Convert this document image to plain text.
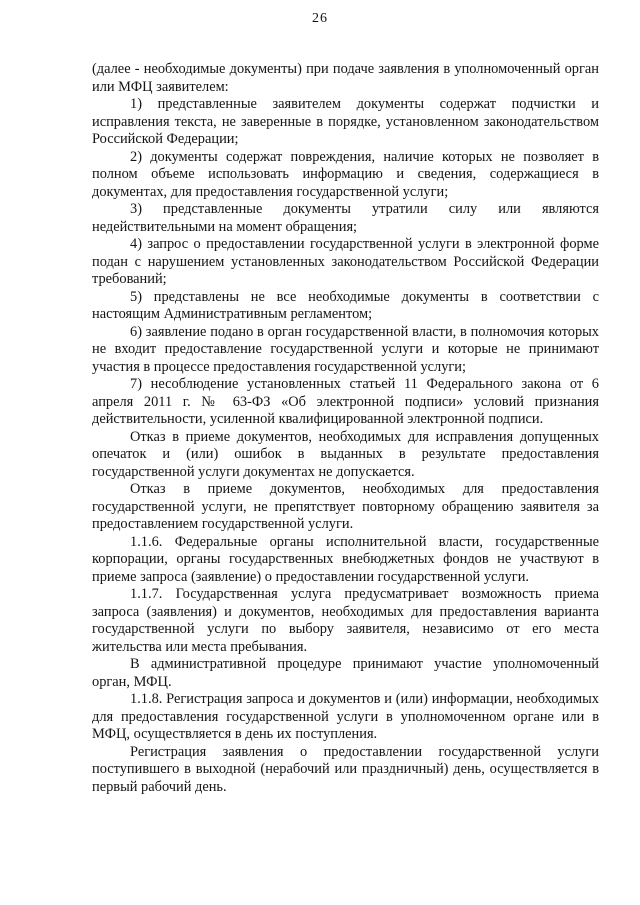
26

(далее - необходимые документы) при подаче заявления в уполномоченный орган или МФЦ заявителем:

1) представленные заявителем документы содержат подчистки и исправления текста, не заверенные в порядке, установленном законодательством Российской Федерации;

2) документы содержат повреждения, наличие которых не позволяет в полном объеме использовать информацию и сведения, содержащиеся в документах, для предоставления государственной услуги;

3) представленные документы утратили силу или являются недействительными на момент обращения;

4) запрос о предоставлении государственной услуги в электронной форме подан с нарушением установленных законодательством Российской Федерации требований;

5) представлены не все необходимые документы в соответствии с настоящим Административным регламентом;

6) заявление подано в орган государственной власти, в полномочия которых не входит предоставление государственной услуги и которые не принимают участия в процессе предоставления государственной услуги;

7) несоблюдение установленных статьей 11 Федерального закона от 6 апреля 2011 г. № 63-ФЗ «Об электронной подписи» условий признания действительности, усиленной квалифицированной электронной подписи.

Отказ в приеме документов, необходимых для исправления допущенных опечаток и (или) ошибок в выданных в результате предоставления государственной услуги документах не допускается.

Отказ в приеме документов, необходимых для предоставления государственной услуги, не препятствует повторному обращению заявителя за предоставлением государственной услуги.

1.1.6. Федеральные органы исполнительной власти, государственные корпорации, органы государственных внебюджетных фондов не участвуют в приеме запроса (заявление) о предоставлении государственной услуги.

1.1.7. Государственная услуга предусматривает возможность приема запроса (заявления) и документов, необходимых для предоставления варианта государственной услуги по выбору заявителя, независимо от его места жительства или места пребывания.

В административной процедуре принимают участие уполномоченный орган, МФЦ.

1.1.8. Регистрация запроса и документов и (или) информации, необходимых для предоставления государственной услуги в уполномоченном органе или в МФЦ, осуществляется в день их поступления.

Регистрация заявления о предоставлении государственной услуги поступившего в выходной (нерабочий или праздничный) день, осуществляется в первый рабочий день.
